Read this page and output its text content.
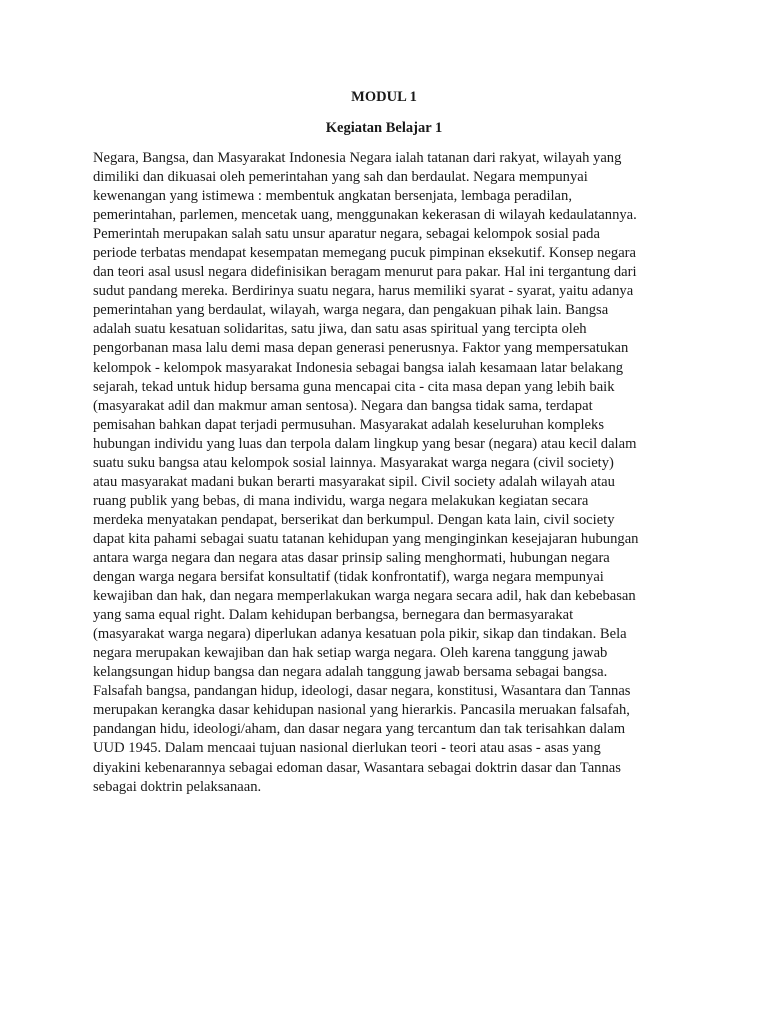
MODUL 1
Kegiatan Belajar 1
Negara, Bangsa, dan Masyarakat Indonesia Negara ialah tatanan dari rakyat, wilayah yang
dimiliki dan dikuasai oleh pemerintahan yang sah dan berdaulat. Negara mempunyai
kewenangan yang istimewa : membentuk angkatan bersenjata, lembaga peradilan,
pemerintahan, parlemen, mencetak uang, menggunakan kekerasan di wilayah kedaulatannya.
Pemerintah merupakan salah satu unsur aparatur negara, sebagai kelompok sosial pada
periode terbatas mendapat kesempatan memegang pucuk pimpinan eksekutif. Konsep negara
dan teori asal ususl negara didefinisikan beragam menurut para pakar. Hal ini tergantung dari
sudut pandang mereka. Berdirinya suatu negara, harus memiliki syarat - syarat, yaitu adanya
pemerintahan yang berdaulat, wilayah, warga negara, dan pengakuan pihak lain. Bangsa
adalah suatu kesatuan solidaritas, satu jiwa, dan satu asas spiritual yang tercipta oleh
pengorbanan masa lalu demi masa depan generasi penerusnya. Faktor yang mempersatukan
kelompok - kelompok masyarakat Indonesia sebagai bangsa ialah kesamaan latar belakang
sejarah, tekad untuk hidup bersama guna mencapai cita - cita masa depan yang lebih baik
(masyarakat adil dan makmur aman sentosa). Negara dan bangsa tidak sama, terdapat
pemisahan bahkan dapat terjadi permusuhan. Masyarakat adalah keseluruhan kompleks
hubungan individu yang luas dan terpola dalam lingkup yang besar (negara) atau kecil dalam
suatu suku bangsa atau kelompok sosial lainnya. Masyarakat warga negara (civil society)
atau masyarakat madani bukan berarti masyarakat sipil. Civil society adalah wilayah atau
ruang publik yang bebas, di mana individu, warga negara melakukan kegiatan secara
merdeka menyatakan pendapat, berserikat dan berkumpul. Dengan kata lain, civil society
dapat kita pahami sebagai suatu tatanan kehidupan yang menginginkan kesejajaran hubungan
antara warga negara dan negara atas dasar prinsip saling menghormati, hubungan negara
dengan warga negara bersifat konsultatif (tidak konfrontatif), warga negara mempunyai
kewajiban dan hak, dan negara memperlakukan warga negara secara adil, hak dan kebebasan
yang sama equal right. Dalam kehidupan berbangsa, bernegara dan bermasyarakat
(masyarakat warga negara) diperlukan adanya kesatuan pola pikir, sikap dan tindakan. Bela
negara merupakan kewajiban dan hak setiap warga negara. Oleh karena tanggung jawab
kelangsungan hidup bangsa dan negara adalah tanggung jawab bersama sebagai bangsa.
Falsafah bangsa, pandangan hidup, ideologi, dasar negara, konstitusi, Wasantara dan Tannas
merupakan kerangka dasar kehidupan nasional yang hierarkis. Pancasila meruakan falsafah,
pandangan hidu, ideologi/aham, dan dasar negara yang tercantum dan tak terisahkan dalam
UUD 1945. Dalam mencaai tujuan nasional dierlukan teori - teori atau asas - asas yang
diyakini kebenarannya sebagai edoman dasar, Wasantara sebagai doktrin dasar dan Tannas
sebagai doktrin pelaksanaan.
